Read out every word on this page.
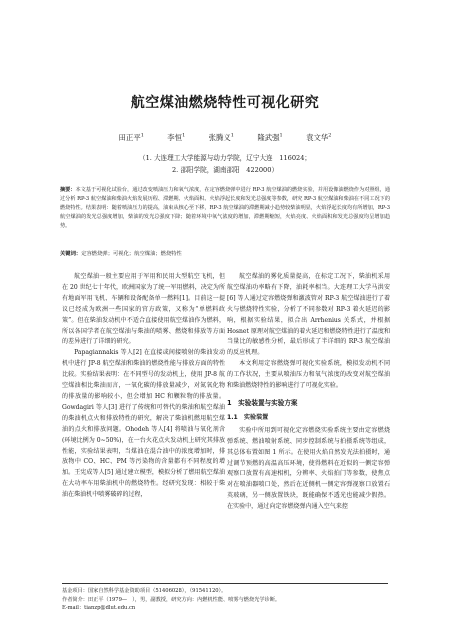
航空煤油燃烧特性可视化研究
田正平$^1$	李恒$^1$	张腾义$^1$	隆武强$^1$	袁文华$^2$
（1. 大连理工大学能源与动力学院，辽宁大连　116024；
2. 邵阳学院，湖南邵阳　422000）
摘要：本文基于可视化试验台，通过改变喷油压力和氧气浓度，在定容燃烧弹中进行 RP-3 航空煤油的燃烧实验，并用设像油燃烧作为对照组，通过分析 RP-3 航空煤油和柴油火焰发展历程、滞燃期、火焰面积、火焰浮起长度和发光总强度等参数，研究 RP-3 航空煤油和柴油在不同工况下的燃烧特性。结果表明：随着喷油压力的提高，油束从核心至下移，RP-3 航空煤油的滞燃期减小趋势较柴油明显，火焰浮起长度均有所增加，RP-3 航空煤油的发光总强度增加，柴油的发光总强度下降；随着环境中氧气浓度的增加，滞燃期缩短，火焰亮度、火焰面积和发光总强度均呈增加趋势。
关键词：定容燃烧弹；可视化；航空煤油；燃烧特性

航空煤油一般主要应用于军用和民用大型航空飞机，但在 20 世纪七十年代，欧洲国家为了统一军用燃料，决定为所有地面军用飞机、车辆和设备配备单一燃料[1]。目前这一提议已经成为欧洲一些国家的官方政策，又称为“单燃料政策”。但在柴油发动机中不适合直接使用航空煤油作为燃料，所以各国学者在航空煤油与柴油的喷雾、燃烧和排放等方面的差异进行了详细的研究。

Papagiannakis 等人[2] 在直接或间接喷射的柴油发动机中进行 JP-8 航空煤油和柴油的燃烧性能与排放方面的特性比较。实验结果表明：在不同型号的发动机上，使用 JP-8 航空煤油相比柴油而言，一氧化碳的排放量减少，对氮氧化物的排放量的影响较小，但会增加 HC 和颗粒物的排放量。Gowdagiri 等人[3] 进行了传统和可替代的柴油和航空煤油的柴油机点火和排放特性的研究，解决了柴油机燃用航空煤油的点火和排放问题。Ohodeh 等人[4] 将喷油与氧化剂含(环境比例为 0~50%)，在一台火花点火发动机上研究其排放性能，实验结果表明，当煤油在混合油中的浓度增加时，排放物中 CO、HC、PM 等污染物的含量都有不同程度的增加。王宪成等人[5] 通过建立模型，模拟分析了燃用航空煤油在大功率车用柴油机中的燃烧特性。经研究发现：相较于柴油在柴油机中喷雾破碎的过程，

航空煤油的雾化质量提高，在标定工况下，柴油机采用航空煤油功率略有下降，油耗率相当。大连理工大学马洪安[6] 等人通过定容燃烧弹和激波管对 RP-3 航空煤油进行了着火与燃烧特性实验，分析了不同参数对 RP-3 着火延迟的影响，根据实验结果，拟合出 Arrhenius 关系式，并根据 Hosnet 原理对航空煤油的着火延迟和燃烧特性进行了温度和当量比的敏感性分析，最后形成了半详细的 RP-3 航空煤油的反应机理。

本文利用定容燃烧弹可视化实验系统，模拟发动机不同的工作状况，主要从喷油压力和氧气浓度的改变对航空煤油和柴油燃烧特性的影响进行了可视化实验。

1　实验装置与实验方案
1.1　实验装置

实验中所用到可视化定容燃烧实验系统主要由定容燃烧弹系统、燃油喷射系统、同步控制系统与拍摄系统等组成，其总体布置如图 1 所示。在使用火焰自然发光法拍摄时，通过调节预燃的高温高压环境，使得燃料在近似的一侧定容弹观察口放置有高速相机，分辨率、火焰拍门等参数，使焦点对在喷油器喷口处，然后在近侧机一侧定容弹视察口放置石英玻璃，另一侧放置铁块，既能确保不透光也能减少假热。在实验中，通过向定容燃烧弹内通入空气来控

基金项目：国家自然科学基金资助项目（51406028），（91541120）。
作者简介：田正平（1979—　），男，副教授，研究方向：内燃机性能、喷雾与燃烧光学诊断。
E-mail：tianzp@dlut.edu.cn
